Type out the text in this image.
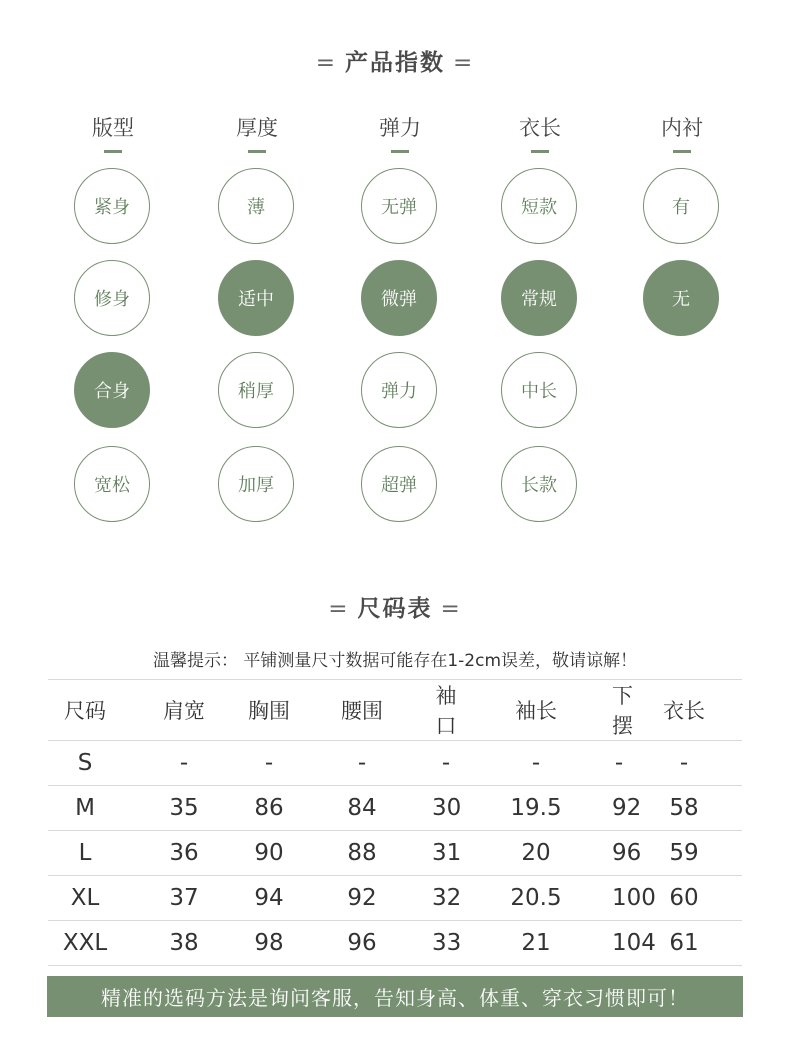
= 产品指数 =
版型
紧身
修身
合身
宽松
厚度
薄
适中
稍厚
加厚
弹力
无弹
微弹
弹力
超弹
衣长
短款
常规
中长
长款
内衬
有
无
= 尺码表 =
温馨提示： 平铺测量尺寸数据可能存在1-2cm误差，敬请谅解！
尺码	肩宽	胸围	腰围	袖口	袖长	下摆	衣长
S	-	-	-	-	-	-	-
M	35	86	84	30	19.5	92	58
L	36	90	88	31	20	96	59
XL	37	94	92	32	20.5	100	60
XXL	38	98	96	33	21	104	61
精准的选码方法是询问客服，告知身高、体重、穿衣习惯即可！
